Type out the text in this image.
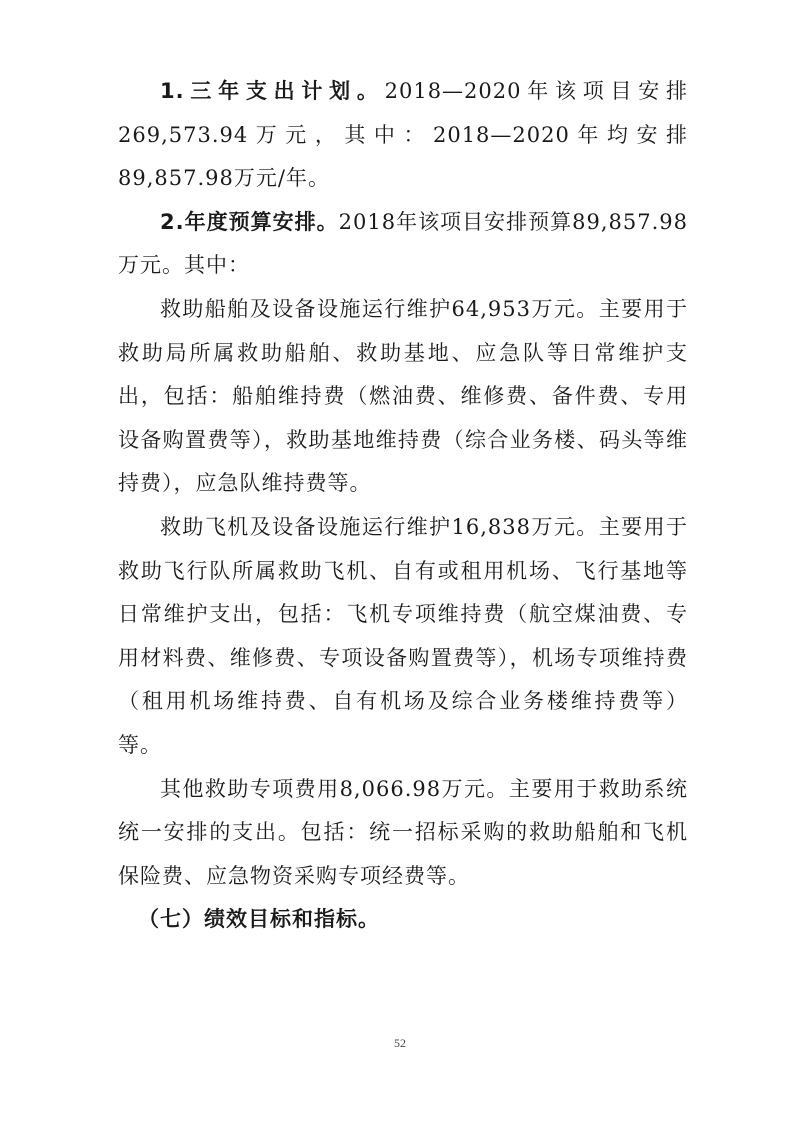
1.三年支出计划。2018—2020年该项目安排269,573.94万元，其中：2018—2020年均安排89,857.98万元/年。

2.年度预算安排。2018年该项目安排预算89,857.98万元。其中：

救助船舶及设备设施运行维护64,953万元。主要用于救助局所属救助船舶、救助基地、应急队等日常维护支出，包括：船舶维持费（燃油费、维修费、备件费、专用设备购置费等），救助基地维持费（综合业务楼、码头等维持费），应急队维持费等。

救助飞机及设备设施运行维护16,838万元。主要用于救助飞行队所属救助飞机、自有或租用机场、飞行基地等日常维护支出，包括：飞机专项维持费（航空煤油费、专用材料费、维修费、专项设备购置费等），机场专项维持费（租用机场维持费、自有机场及综合业务楼维持费等）等。

其他救助专项费用8,066.98万元。主要用于救助系统统一安排的支出。包括：统一招标采购的救助船舶和飞机保险费、应急物资采购专项经费等。

（七）绩效目标和指标。

52
